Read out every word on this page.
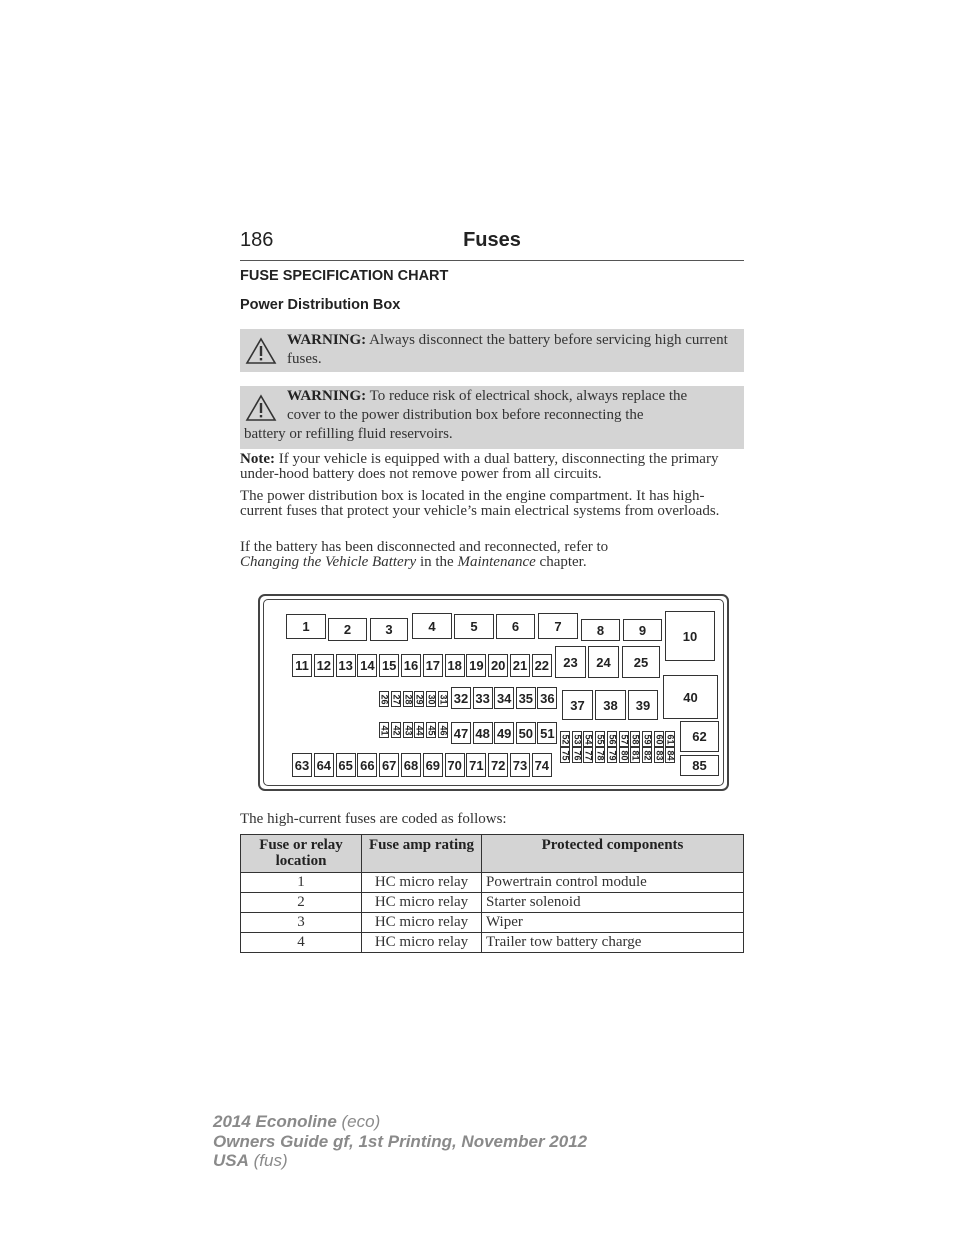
186	Fuses
FUSE SPECIFICATION CHART
Power Distribution Box
WARNING: Always disconnect the battery before servicing high current fuses.
WARNING: To reduce risk of electrical shock, always replace the
cover to the power distribution box before reconnecting the
battery or refilling fluid reservoirs.
Note: If your vehicle is equipped with a dual battery, disconnecting the primary under-hood battery does not remove power from all circuits.
The power distribution box is located in the engine compartment. It has high-current fuses that protect your vehicle’s main electrical systems from overloads.
If the battery has been disconnected and reconnected, refer to
Changing the Vehicle Battery in the Maintenance chapter.
1	2	3	4	5	6	7	8	9	10
11 12 13 14 15 16 17 18 19 20 21 22 23 24 25
26 27 28 29 30 31 32 33 34 35 36 37 38 39
40
41 42 43 44 45 46 47 48 49 50 51 52 53 54 55 56 57 58 59 60 61 62
63 64 65 66 67 68 69 70 71 72 73 74
75 76 77 78 79 80 81 82 83 84
85
The high-current fuses are coded as follows:
Fuse or relay location	Fuse amp rating	Protected components
1	HC micro relay	Powertrain control module
2	HC micro relay	Starter solenoid
3	HC micro relay	Wiper
4	HC micro relay	Trailer tow battery charge
2014 Econoline (eco)
Owners Guide gf, 1st Printing, November 2012
USA (fus)
